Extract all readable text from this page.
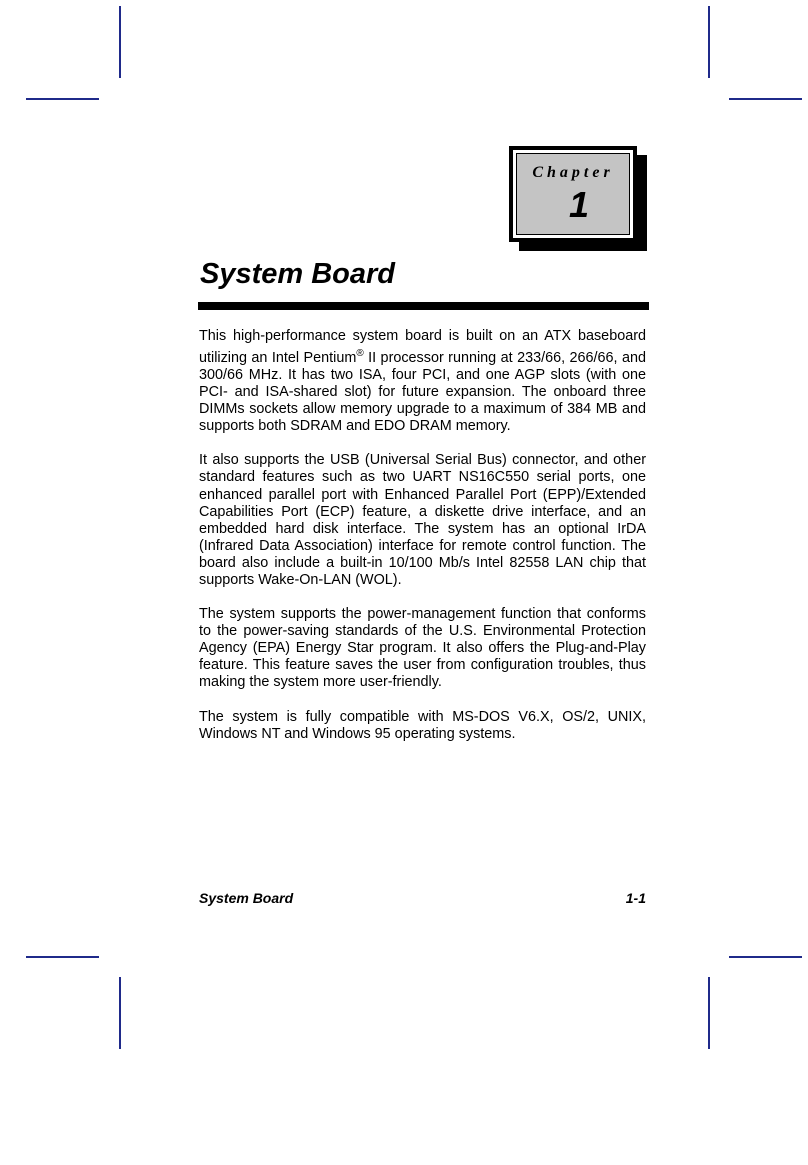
Chapter
1
System Board

This high-performance system board is built on an ATX baseboard utilizing an Intel Pentium® II processor running at 233/66, 266/66, and 300/66 MHz. It has two ISA, four PCI, and one AGP slots (with one PCI- and ISA-shared slot) for future expansion. The onboard three DIMMs sockets allow memory upgrade to a maximum of 384 MB and supports both SDRAM and EDO DRAM memory.

It also supports the USB (Universal Serial Bus) connector, and other standard features such as two UART NS16C550 serial ports, one enhanced parallel port with Enhanced Parallel Port (EPP)/Extended Capabilities Port (ECP) feature, a diskette drive interface, and an embedded hard disk interface. The system has an optional IrDA (Infrared Data Association) interface for remote control function. The board also include a built-in 10/100 Mb/s Intel 82558 LAN chip that supports Wake-On-LAN (WOL).

The system supports the power-management function that conforms to the power-saving standards of the U.S. Environmental Protection Agency (EPA) Energy Star program. It also offers the Plug-and-Play feature. This feature saves the user from configuration troubles, thus making the system more user-friendly.

The system is fully compatible with MS-DOS V6.X, OS/2, UNIX, Windows NT and Windows 95 operating systems.

System Board	1-1
